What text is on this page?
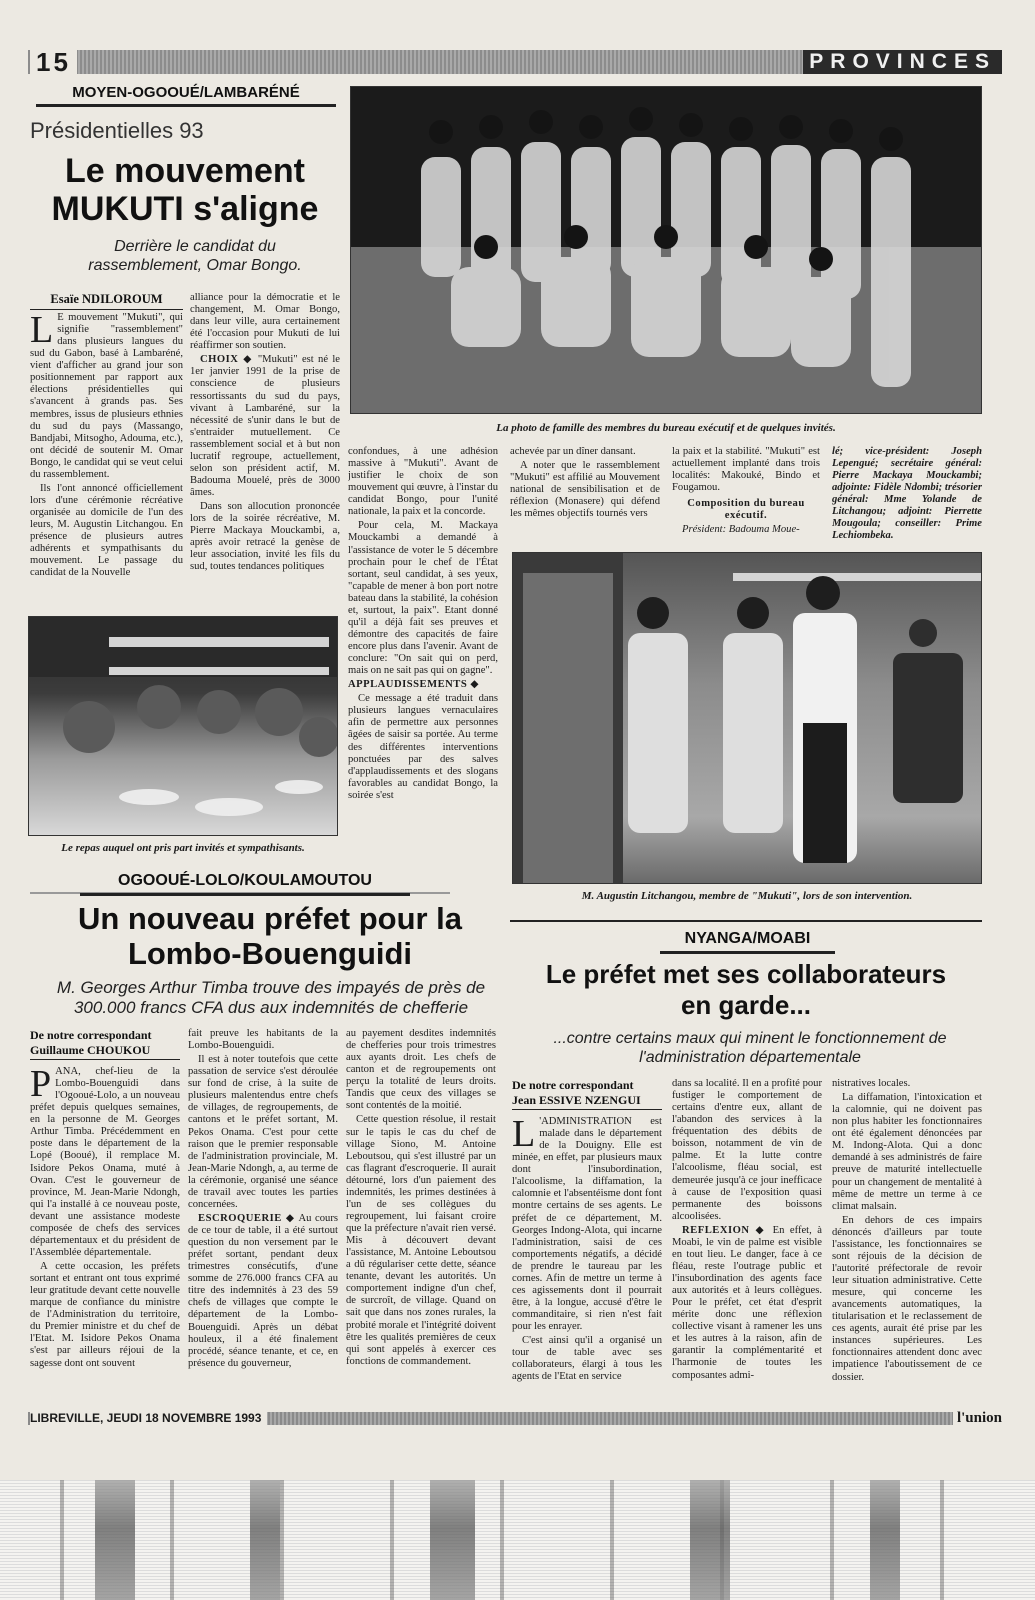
15	PROVINCES
MOYEN-OGOOUÉ/LAMBARÉNÉ
Présidentielles 93
Le mouvement
MUKUTI s'aligne
Derrière le candidat du rassemblement, Omar Bongo.
Esaïe NDILOROUM

L E mouvement "Mukuti", qui signifie "rassemblement" dans plusieurs langues du sud du Gabon, basé à Lambaréné, vient d'afficher au grand jour son positionnement par rapport aux élections présidentielles qui s'avancent à grands pas. Ses membres, issus de plusieurs ethnies du sud du pays (Massango, Bandjabi, Mitsogho, Adouma, etc.), ont décidé de soutenir M. Omar Bongo, le candidat qui se veut celui du rassemblement.

Ils l'ont annoncé officiellement lors d'une cérémonie récréative organisée au domicile de l'un des leurs, M. Augustin Litchangou. En présence de plusieurs autres adhérents et sympathisants du mouvement. Le passage du candidat de la Nouvelle

alliance pour la démocratie et le changement, M. Omar Bongo, dans leur ville, aura certainement été l'occasion pour Mukuti de lui réaffirmer son soutien.

CHOIX ◆ "Mukuti" est né le 1er janvier 1991 de la prise de conscience de plusieurs ressortissants du sud du pays, vivant à Lambaréné, sur la nécessité de s'unir dans le but de s'entraider mutuellement. Ce rassemblement social et à but non lucratif regroupe, actuellement, selon son président actif, M. Badouma Mouelé, près de 3000 âmes.

Dans son allocution prononcée lors de la soirée récréative, M. Pierre Mackaya Mouckambi, a, après avoir retracé la genèse de leur association, invité les fils du sud, toutes tendances politiques

La photo de famille des membres du bureau exécutif et de quelques invités.

confondues, à une adhésion massive à "Mukuti". Avant de justifier le choix de son mouvement qui œuvre, à l'instar du candidat Bongo, pour l'unité nationale, la paix et la concorde.

Pour cela, M. Mackaya Mouckambi a demandé à l'assistance de voter le 5 décembre prochain pour le chef de l'État sortant, seul candidat, à ses yeux, "capable de mener à bon port notre bateau dans la stabilité, la cohésion et, surtout, la paix". Etant donné qu'il a déjà fait ses preuves et démontre des capacités de faire encore plus dans l'avenir. Avant de conclure: "On sait qui on perd, mais on ne sait pas qui on gagne".

APPLAUDISSEMENTS ◆

Ce message a été traduit dans plusieurs langues vernaculaires afin de permettre aux personnes âgées de saisir sa portée. Au terme des différentes interventions ponctuées par des salves d'applaudissements et des slogans favorables au candidat Bongo, la soirée s'est

achevée par un dîner dansant.

A noter que le rassemblement "Mukuti" est affilié au Mouvement national de sensibilisation et de réflexion (Monasere) qui défend les mêmes objectifs tournés vers

la paix et la stabilité. "Mukuti" est actuellement implanté dans trois localités: Makouké, Bindo et Fougamou.

Composition du bureau exécutif.

Président: Badouma Moue-

lé; vice-président: Joseph Lepengué; secrétaire général: Pierre Mackaya Mouckambi; adjointe: Fidèle Ndombi; trésorier général: Mme Yolande de Litchangou; adjoint: Pierrette Mougoula; conseiller: Prime Lechiombeka.

Le repas auquel ont pris part invités et sympathisants.
M. Augustin Litchangou, membre de "Mukuti", lors de son intervention.
OGOOUÉ-LOLO/KOULAMOUTOU
Un nouveau préfet pour la
Lombo-Bouenguidi
M. Georges Arthur Timba trouve des impayés de près de 300.000 francs CFA dus aux indemnités de chefferie
De notre correspondant
Guillaume CHOUKOU

PANA, chef-lieu de la Lombo-Bouenguidi dans l'Ogooué-Lolo, a un nouveau préfet depuis quelques semaines, en la personne de M. Georges Arthur Timba. Précédemment en poste dans le département de la Lopé (Booué), il remplace M. Isidore Pekos Onama, muté à Ovan. C'est le gouverneur de province, M. Jean-Marie Ndongh, qui l'a installé à ce nouveau poste, devant une assistance modeste composée de chefs des services départementaux et du président de l'Assemblée départementale.

A cette occasion, les préfets sortant et entrant ont tous exprimé leur gratitude devant cette nouvelle marque de confiance du ministre de l'Administration du territoire, du Premier ministre et du chef de l'Etat. M. Isidore Pekos Onama s'est par ailleurs réjoui de la sagesse dont ont souvent

fait preuve les habitants de la Lombo-Bouenguidi.

Il est à noter toutefois que cette passation de service s'est déroulée sur fond de crise, à la suite de plusieurs malentendus entre chefs de villages, de regroupements, de cantons et le préfet sortant, M. Pekos Onama. C'est pour cette raison que le premier responsable de l'administration provinciale, M. Jean-Marie Ndongh, a, au terme de la cérémonie, organisé une séance de travail avec toutes les parties concernées.

ESCROQUERIE ◆ Au cours de ce tour de table, il a été surtout question du non versement par le préfet sortant, pendant deux trimestres consécutifs, d'une somme de 276.000 francs CFA au titre des indemnités à 23 des 59 chefs de villages que compte le département de la Lombo-Bouenguidi. Après un débat houleux, il a été finalement procédé, séance tenante, et ce, en présence du gouverneur,

au payement desdites indemnités de chefferies pour trois trimestres aux ayants droit. Les chefs de canton et de regroupements ont perçu la totalité de leurs droits. Tandis que ceux des villages se sont contentés de la moitié.

Cette question résolue, il restait sur le tapis le cas du chef de village Siono, M. Antoine Leboutsou, qui s'est illustré par un cas flagrant d'escroquerie. Il aurait détourné, lors d'un paiement des indemnités, les primes destinées à l'un de ses collègues du regroupement, lui faisant croire que la préfecture n'avait rien versé. Mis à découvert devant l'assistance, M. Antoine Leboutsou a dû régulariser cette dette, séance tenante, devant les autorités. Un comportement indigne d'un chef, de surcroît, de village. Quand on sait que dans nos zones rurales, la probité morale et l'intégrité doivent être les qualités premières de ceux qui sont appelés à exercer ces fonctions de commandement.

NYANGA/MOABI
Le préfet met ses collaborateurs
en garde...
...contre certains maux qui minent le fonctionnement de l'administration départementale
De notre correspondant
Jean ESSIVE NZENGUI

L 'ADMINISTRATION est malade dans le département de la Douigny. Elle est minée, en effet, par plusieurs maux dont l'insubordination, l'alcoolisme, la diffamation, la calomnie et l'absentéisme dont font montre certains de ses agents. Le préfet de ce département, M. Georges Indong-Alota, qui incarne l'administration, saisi de ces comportements négatifs, a décidé de prendre le taureau par les cornes. Afin de mettre un terme à ces agissements dont il pourrait être, à la longue, accusé d'être le commanditaire, si rien n'est fait pour les enrayer.

C'est ainsi qu'il a organisé un tour de table avec ses collaborateurs, élargi à tous les agents de l'Etat en service

dans sa localité. Il en a profité pour fustiger le comportement de certains d'entre eux, allant de l'abandon des services à la fréquentation des débits de boisson, notamment de vin de palme. Et la lutte contre l'alcoolisme, fléau social, est demeurée jusqu'à ce jour inefficace à cause de l'exposition quasi permanente des boissons alcoolisées.

REFLEXION ◆ En effet, à Moabi, le vin de palme est visible en tout lieu. Le danger, face à ce fléau, reste l'outrage public et l'insubordination des agents face aux autorités et à leurs collègues. Pour le préfet, cet état d'esprit mérite donc une réflexion collective visant à ramener les uns et les autres à la raison, afin de garantir la complémentarité et l'harmonie de toutes les composantes admi-

nistratives locales.

La diffamation, l'intoxication et la calomnie, qui ne doivent pas non plus habiter les fonctionnaires ont été également dénoncées par M. Indong-Alota. Qui a donc demandé à ses administrés de faire preuve de maturité intellectuelle pour un changement de mentalité à même de mettre un terme à ce climat malsain.

En dehors de ces impairs dénoncés d'ailleurs par toute l'assistance, les fonctionnaires se sont réjouis de la décision de l'autorité préfectorale de revoir leur situation administrative. Cette mesure, qui concerne les avancements automatiques, la titularisation et le reclassement de ces agents, aurait été prise par les instances supérieures. Les fonctionnaires attendent donc avec impatience l'aboutissement de ce dossier.

LIBREVILLE, JEUDI 18 NOVEMBRE 1993	l'union
